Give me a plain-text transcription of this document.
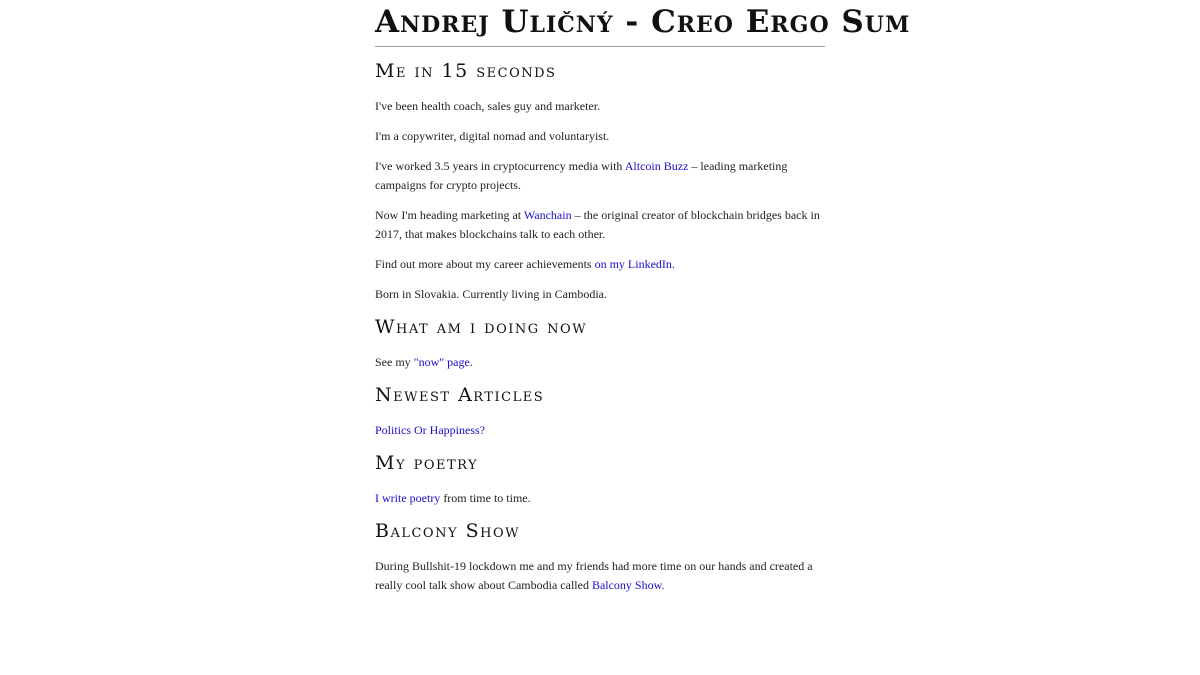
Andrej Uličný - Creo Ergo Sum
Me in 15 seconds

I've been health coach, sales guy and marketer.

I'm a copywriter, digital nomad and voluntaryist.

I've worked 3.5 years in cryptocurrency media with Altcoin Buzz – leading marketing campaigns for crypto projects.

Now I'm heading marketing at Wanchain – the original creator of blockchain bridges back in 2017, that makes blockchains talk to each other.

Find out more about my career achievements on my LinkedIn.

Born in Slovakia. Currently living in Cambodia.

What am i doing now

See my "now" page.

Newest Articles

Politics Or Happiness?

My poetry

I write poetry from time to time.

Balcony Show

During Bullshit-19 lockdown me and my friends had more time on our hands and created a really cool talk show about Cambodia called Balcony Show.
